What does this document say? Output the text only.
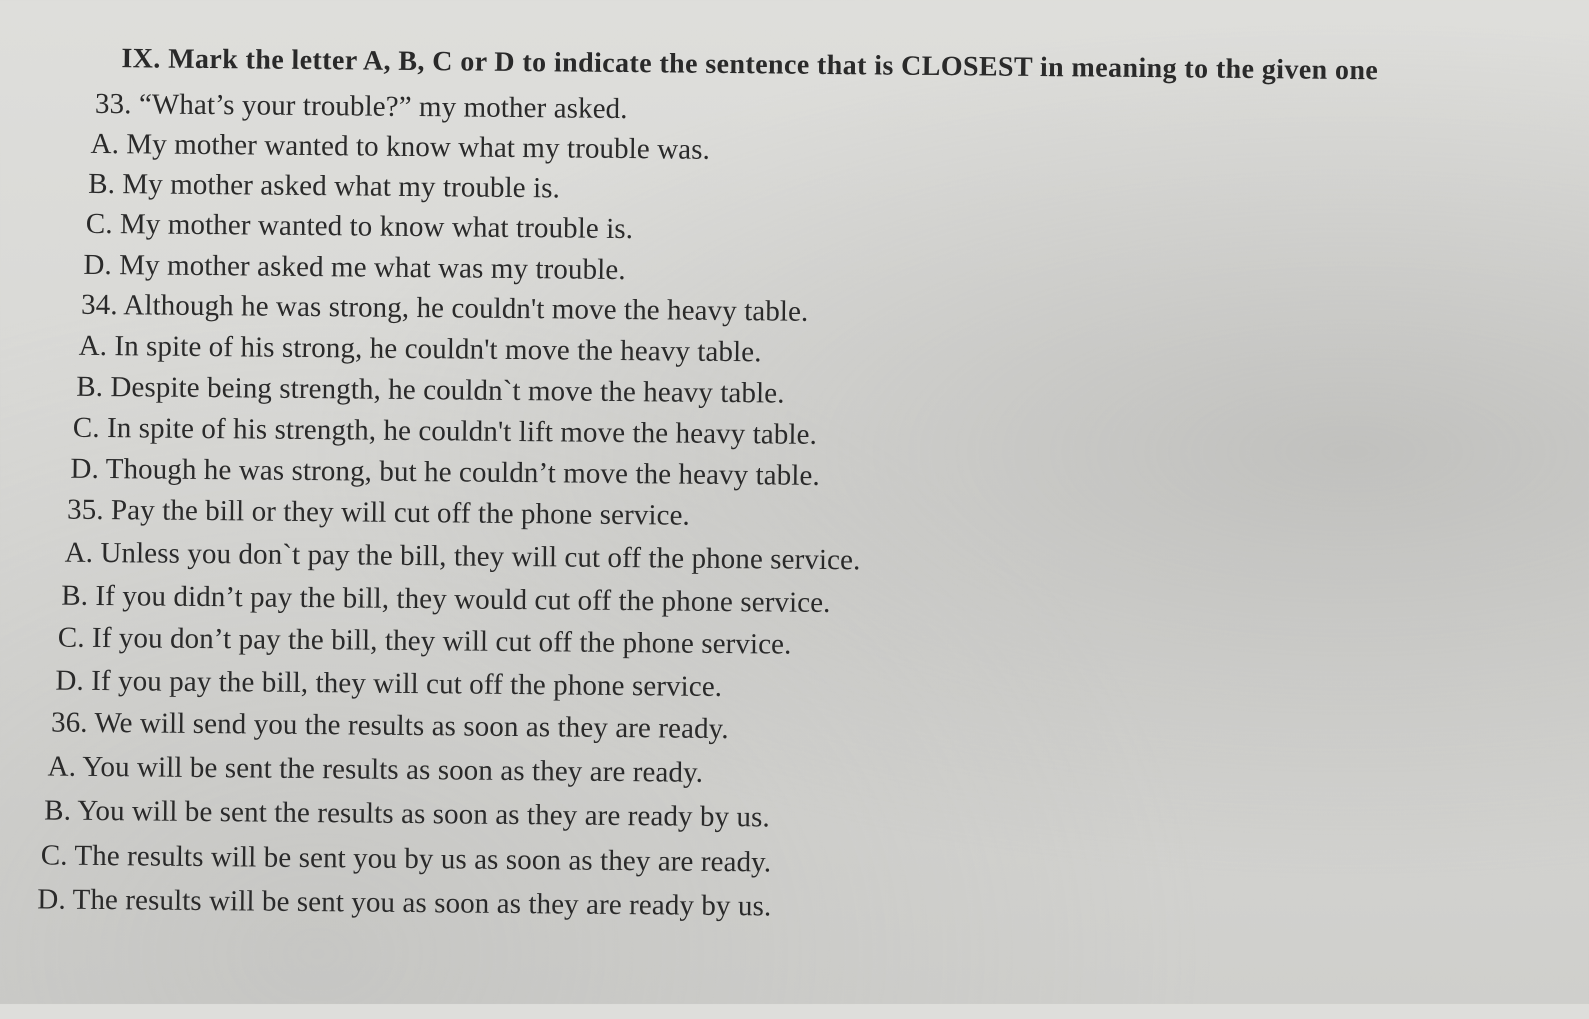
IX. Mark the letter A, B, C or D to indicate the sentence that is CLOSEST in meaning to the given one
33. “What’s your trouble?” my mother asked.
A. My mother wanted to know what my trouble was.
B. My mother asked what my trouble is.
C. My mother wanted to know what trouble is.
D. My mother asked me what was my trouble.
34. Although he was strong, he couldn't move the heavy table.
A. In spite of his strong, he couldn't move the heavy table.
B. Despite being strength, he couldn`t move the heavy table.
C. In spite of his strength, he couldn't lift move the heavy table.
D. Though he was strong, but he couldn’t move the heavy table.
35. Pay the bill or they will cut off the phone service.
A. Unless you don`t pay the bill, they will cut off the phone service.
B. If you didn’t pay the bill, they would cut off the phone service.
C. If you don’t pay the bill, they will cut off the phone service.
D. If you pay the bill, they will cut off the phone service.
36. We will send you the results as soon as they are ready.
A. You will be sent the results as soon as they are ready.
B. You will be sent the results as soon as they are ready by us.
C. The results will be sent you by us as soon as they are ready.
D. The results will be sent you as soon as they are ready by us.
